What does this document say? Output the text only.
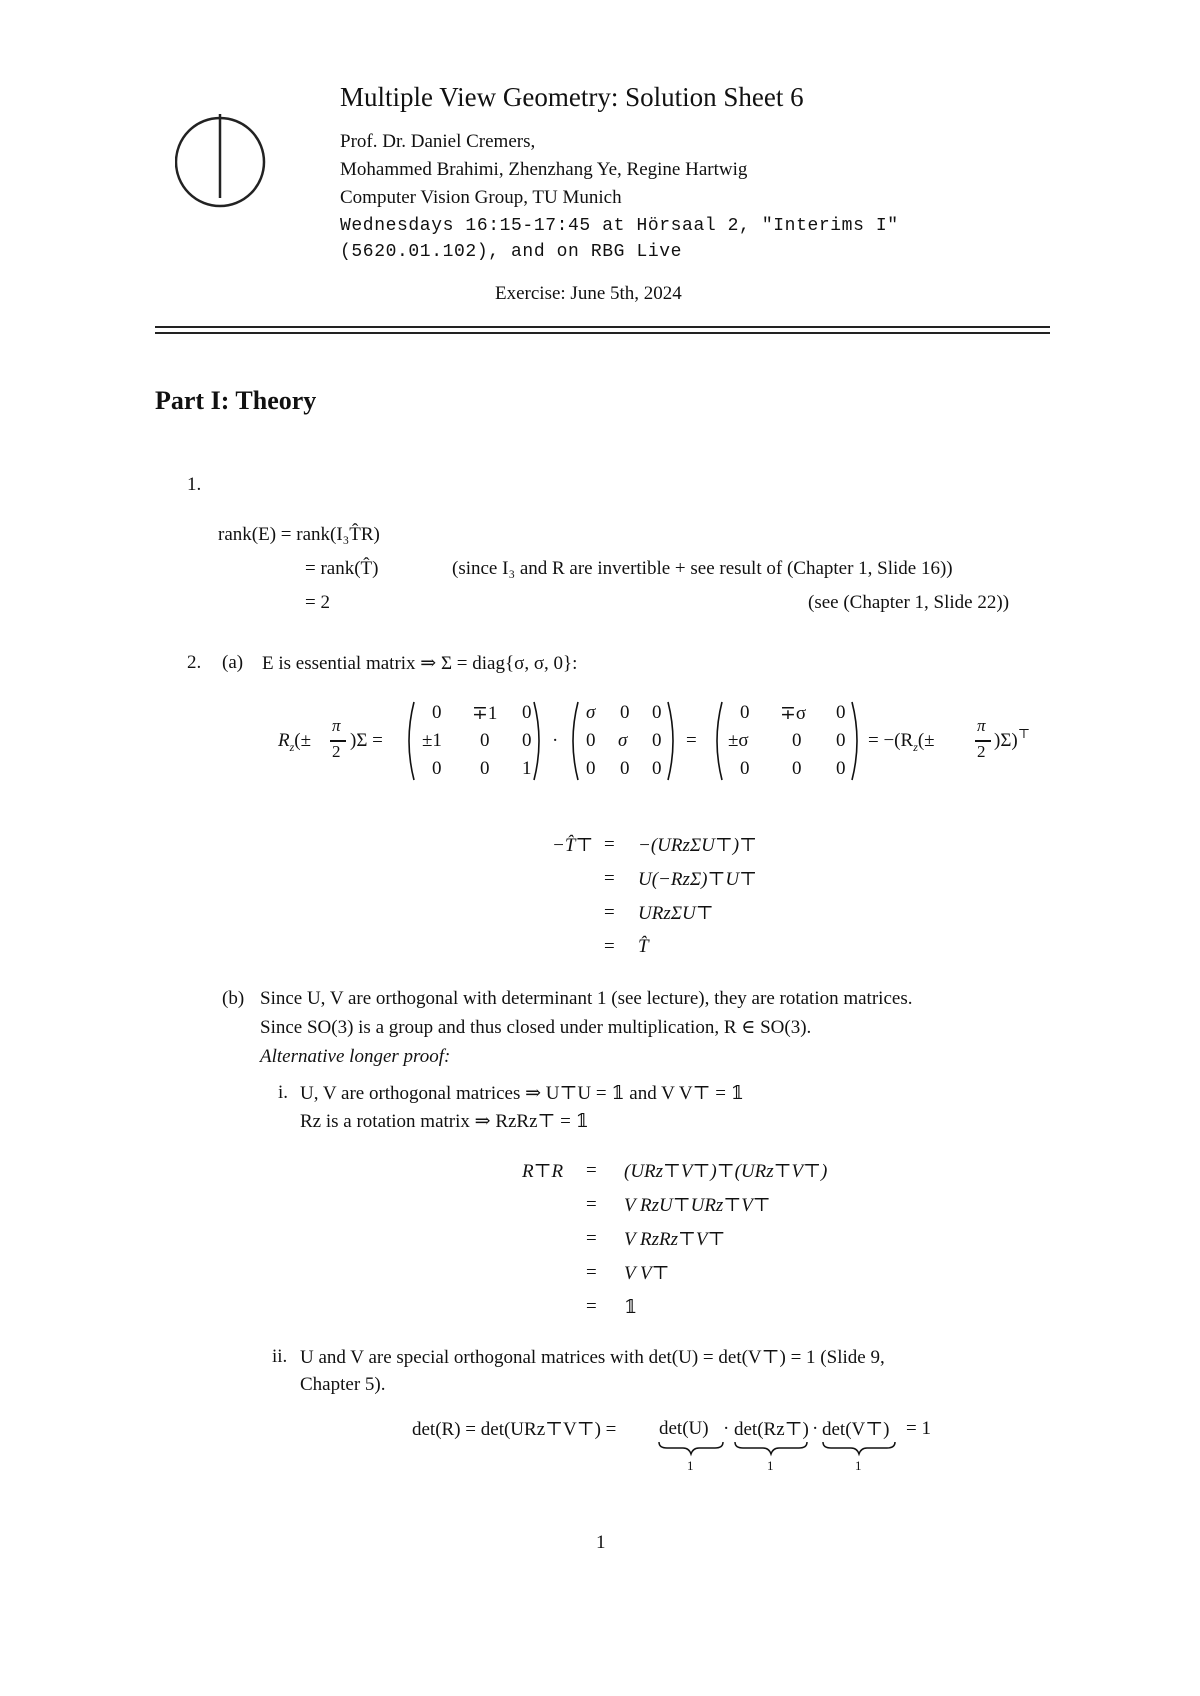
Multiple View Geometry: Solution Sheet 6
Prof. Dr. Daniel Cremers,
Mohammed Brahimi, Zhenzhang Ye, Regine Hartwig
Computer Vision Group, TU Munich
Wednesdays 16:15-17:45 at Hörsaal 2, "Interims I"
(5620.01.102), and on RBG Live
Exercise: June 5th, 2024
Part I: Theory
1.
rank(E) = rank(I₃T̂R)
= rank(T̂)	(since I₃ and R are invertible + see result of (Chapter 1, Slide 16))
= 2	(see (Chapter 1, Slide 22))
2. (a) E is essential matrix ⇒ Σ = diag{σ, σ, 0}:
$R_z(\pm$
π
2
)Σ =
0 ∓1 0
±1 0 0
0 0 1
·
σ 0 0
0 σ 0
0 0 0
=
0 ∓σ 0
±σ 0 0
0 0 0
= $-(R_z(\pm$
π
2
)Σ)⊤
−T̂⊤ = −(URzΣU⊤)⊤
= U(−RzΣ)⊤U⊤
= URzΣU⊤
= T̂
(b) Since U, V are orthogonal with determinant 1 (see lecture), they are rotation matrices.
Since SO(3) is a group and thus closed under multiplication, R ∈ SO(3).
Alternative longer proof:
i. U, V are orthogonal matrices ⇒ U⊤U = 𝟙 and V V⊤ = 𝟙
Rz is a rotation matrix ⇒ RzRz⊤ = 𝟙
R⊤R = (URz⊤V⊤)⊤(URz⊤V⊤)
= V RzU⊤URz⊤V⊤
= V RzRz⊤V⊤
= V V⊤
= 𝟙
ii. U and V are special orthogonal matrices with det(U) = det(V⊤) = 1 (Slide 9,
Chapter 5).
det(R) = det(URz⊤V⊤) = det(U) · det(Rz⊤) · det(V⊤) = 1
1	1	1
1
